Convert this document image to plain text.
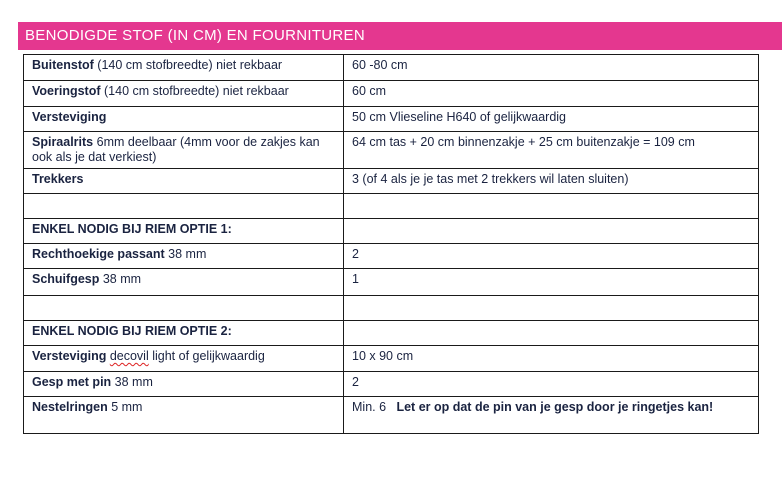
BENODIGDE STOF (IN CM) EN FOURNITUREN
Buitenstof (140 cm stofbreedte) niet rekbaar	60 -80 cm
Voeringstof (140 cm stofbreedte) niet rekbaar	60 cm
Versteviging	50 cm Vlieseline H640 of gelijkwaardig
Spiraalrits 6mm deelbaar (4mm voor de zakjes kan ook als je dat verkiest)	64 cm tas + 20 cm binnenzakje + 25 cm buitenzakje = 109 cm
Trekkers	3 (of 4 als je je tas met 2 trekkers wil laten sluiten)

ENKEL NODIG BIJ RIEM OPTIE 1:	
Rechthoekige passant 38 mm	2
Schuifgesp 38 mm	1

ENKEL NODIG BIJ RIEM OPTIE 2:	
Versteviging decovil light of gelijkwaardig	10 x 90 cm
Gesp met pin 38 mm	2
Nestelringen 5 mm	Min. 6 Let er op dat de pin van je gesp door je ringetjes kan!
